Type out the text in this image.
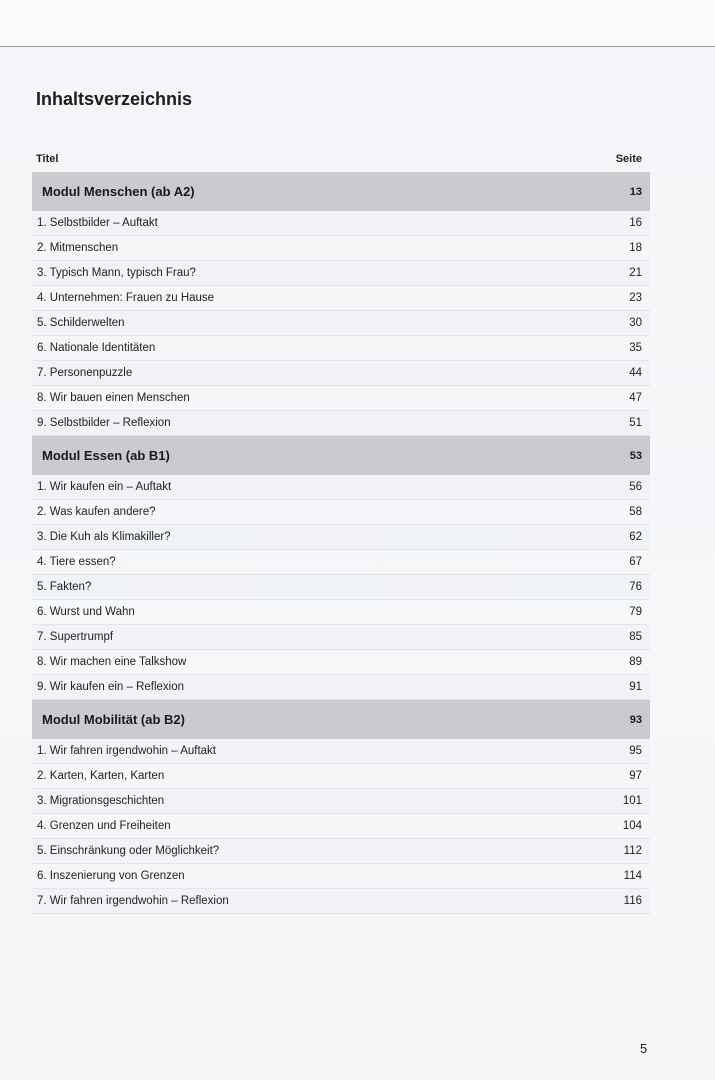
Inhaltsverzeichnis
Titel	Seite
Modul Menschen (ab A2)	13
1. Selbstbilder – Auftakt	16
2. Mitmenschen	18
3. Typisch Mann, typisch Frau?	21
4. Unternehmen: Frauen zu Hause	23
5. Schilderwelten	30
6. Nationale Identitäten	35
7. Personenpuzzle	44
8. Wir bauen einen Menschen	47
9. Selbstbilder – Reflexion	51
Modul Essen (ab B1)	53
1. Wir kaufen ein – Auftakt	56
2. Was kaufen andere?	58
3. Die Kuh als Klimakiller?	62
4. Tiere essen?	67
5. Fakten?	76
6. Wurst und Wahn	79
7. Supertrumpf	85
8. Wir machen eine Talkshow	89
9. Wir kaufen ein – Reflexion	91
Modul Mobilität (ab B2)	93
1. Wir fahren irgendwohin – Auftakt	95
2. Karten, Karten, Karten	97
3. Migrationsgeschichten	101
4. Grenzen und Freiheiten	104
5. Einschränkung oder Möglichkeit?	112
6. Inszenierung von Grenzen	114
7. Wir fahren irgendwohin – Reflexion	116
5
